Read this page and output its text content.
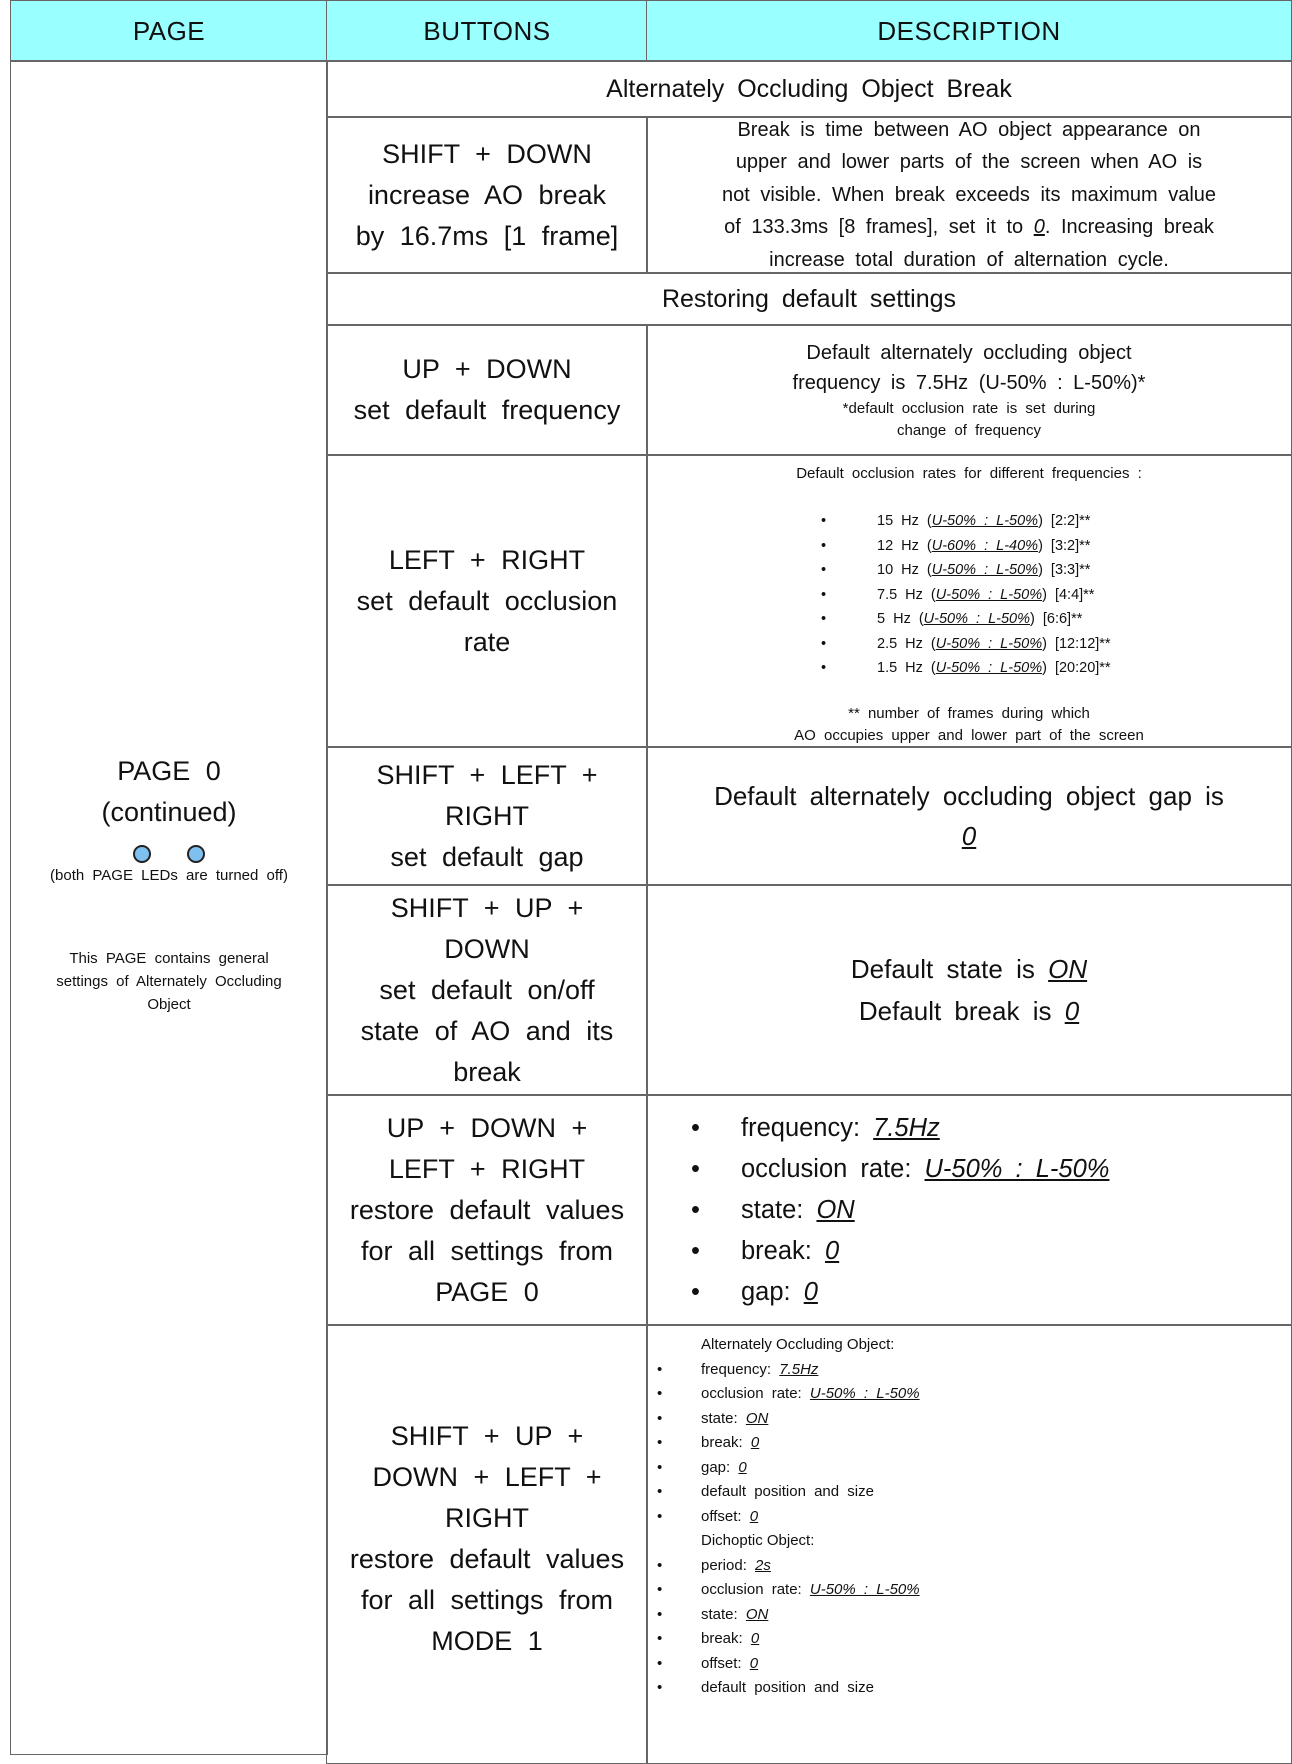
PAGE	BUTTONS	DESCRIPTION
PAGE 0
(continued)
(both PAGE LEDs are turned off)
This PAGE contains general
settings of Alternately Occluding
Object
Alternately Occluding Object Break
SHIFT + DOWN
increase AO break
by 16.7ms [1 frame]
Break is time between AO object appearance on
upper and lower parts of the screen when AO is
not visible. When break exceeds its maximum value
of 133.3ms [8 frames], set it to 0. Increasing break
increase total duration of alternation cycle.
Restoring default settings
UP + DOWN
set default frequency
Default alternately occluding object
frequency is 7.5Hz (U-50% : L-50%)*
*default occlusion rate is set during
change of frequency
LEFT + RIGHT
set default occlusion
rate
Default occlusion rates for different frequencies :
• 15 Hz (U-50% : L-50%) [2:2]**
• 12 Hz (U-60% : L-40%) [3:2]**
• 10 Hz (U-50% : L-50%) [3:3]**
• 7.5 Hz (U-50% : L-50%) [4:4]**
• 5 Hz (U-50% : L-50%) [6:6]**
• 2.5 Hz (U-50% : L-50%) [12:12]**
• 1.5 Hz (U-50% : L-50%) [20:20]**
** number of frames during which
AO occupies upper and lower part of the screen
SHIFT + LEFT +
RIGHT
set default gap
Default alternately occluding object gap is
0
SHIFT + UP +
DOWN
set default on/off
state of AO and its
break
Default state is ON
Default break is 0
UP + DOWN +
LEFT + RIGHT
restore default values
for all settings from
PAGE 0
• frequency: 7.5Hz
• occlusion rate: U-50% : L-50%
• state: ON
• break: 0
• gap: 0
SHIFT + UP +
DOWN + LEFT +
RIGHT
restore default values
for all settings from
MODE 1
Alternately Occluding Object:
• frequency: 7.5Hz
• occlusion rate: U-50% : L-50%
• state: ON
• break: 0
• gap: 0
• default position and size
• offset: 0
Dichoptic Object:
• period: 2s
• occlusion rate: U-50% : L-50%
• state: ON
• break: 0
• offset: 0
• default position and size
